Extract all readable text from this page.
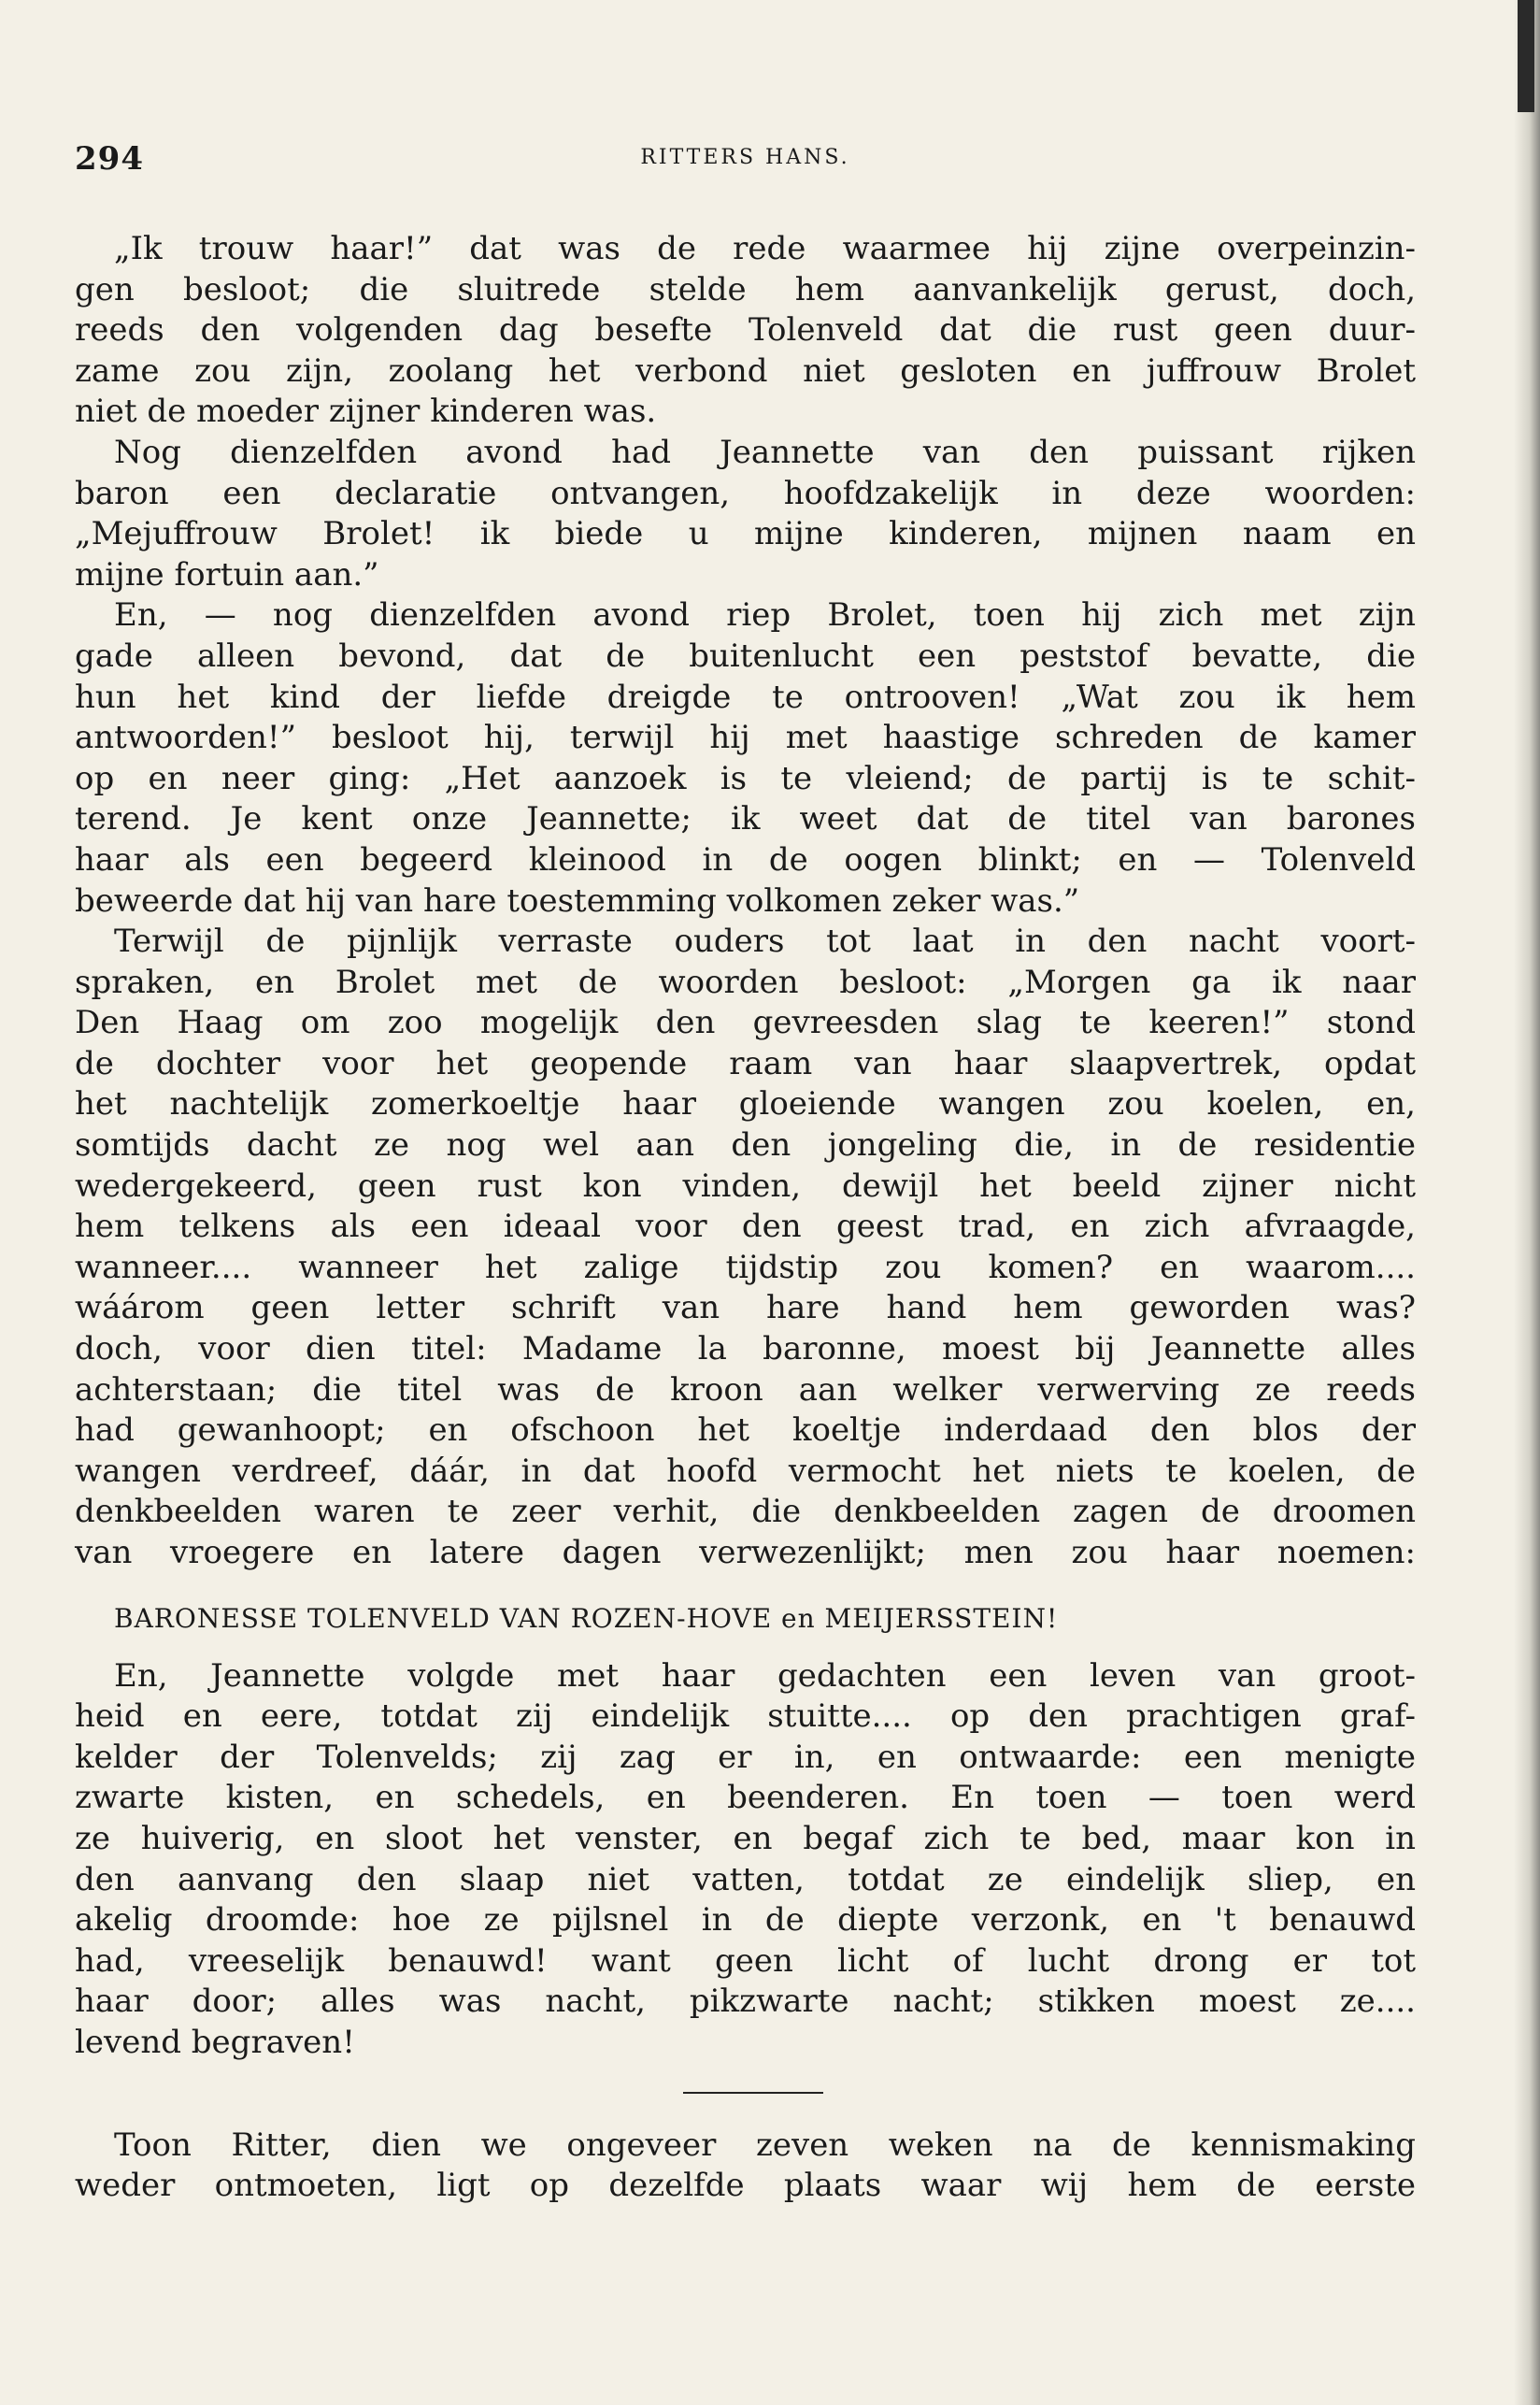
294	RITTERS HANS.
„Ik trouw haar!” dat was de rede waarmee hij zijne overpeinzin-
gen besloot; die sluitrede stelde hem aanvankelijk gerust, doch,
reeds den volgenden dag besefte Tolenveld dat die rust geen duur-
zame zou zijn, zoolang het verbond niet gesloten en juffrouw Brolet
niet de moeder zijner kinderen was.
Nog dienzelfden avond had Jeannette van den puissant rijken
baron een declaratie ontvangen, hoofdzakelijk in deze woorden:
„Mejuffrouw Brolet! ik biede u mijne kinderen, mijnen naam en
mijne fortuin aan.”
En, — nog dienzelfden avond riep Brolet, toen hij zich met zijn
gade alleen bevond, dat de buitenlucht een peststof bevatte, die
hun het kind der liefde dreigde te ontrooven! „Wat zou ik hem
antwoorden!” besloot hij, terwijl hij met haastige schreden de kamer
op en neer ging: „Het aanzoek is te vleiend; de partij is te schit-
terend. Je kent onze Jeannette; ik weet dat de titel van barones
haar als een begeerd kleinood in de oogen blinkt; en — Tolenveld
beweerde dat hij van hare toestemming volkomen zeker was.”
Terwijl de pijnlijk verraste ouders tot laat in den nacht voort-
spraken, en Brolet met de woorden besloot: „Morgen ga ik naar
Den Haag om zoo mogelijk den gevreesden slag te keeren!” stond
de dochter voor het geopende raam van haar slaapvertrek, opdat
het nachtelijk zomerkoeltje haar gloeiende wangen zou koelen, en,
somtijds dacht ze nog wel aan den jongeling die, in de residentie
wedergekeerd, geen rust kon vinden, dewijl het beeld zijner nicht
hem telkens als een ideaal voor den geest trad, en zich afvraagde,
wanneer.... wanneer het zalige tijdstip zou komen? en waarom....
wáárom geen letter schrift van hare hand hem geworden was?
doch, voor dien titel: Madame la baronne, moest bij Jeannette alles
achterstaan; die titel was de kroon aan welker verwerving ze reeds
had gewanhoopt; en ofschoon het koeltje inderdaad den blos der
wangen verdreef, dáár, in dat hoofd vermocht het niets te koelen, de
denkbeelden waren te zeer verhit, die denkbeelden zagen de droomen
van vroegere en latere dagen verwezenlijkt; men zou haar noemen:
BARONESSE TOLENVELD VAN ROZEN-HOVE en MEIJERSSTEIN!
En, Jeannette volgde met haar gedachten een leven van groot-
heid en eere, totdat zij eindelijk stuitte.... op den prachtigen graf-
kelder der Tolenvelds; zij zag er in, en ontwaarde: een menigte
zwarte kisten, en schedels, en beenderen. En toen — toen werd
ze huiverig, en sloot het venster, en begaf zich te bed, maar kon in
den aanvang den slaap niet vatten, totdat ze eindelijk sliep, en
akelig droomde: hoe ze pijlsnel in de diepte verzonk, en 't benauwd
had, vreeselijk benauwd! want geen licht of lucht drong er tot
haar door; alles was nacht, pikzwarte nacht; stikken moest ze....
levend begraven!
Toon Ritter, dien we ongeveer zeven weken na de kennismaking
weder ontmoeten, ligt op dezelfde plaats waar wij hem de eerste
